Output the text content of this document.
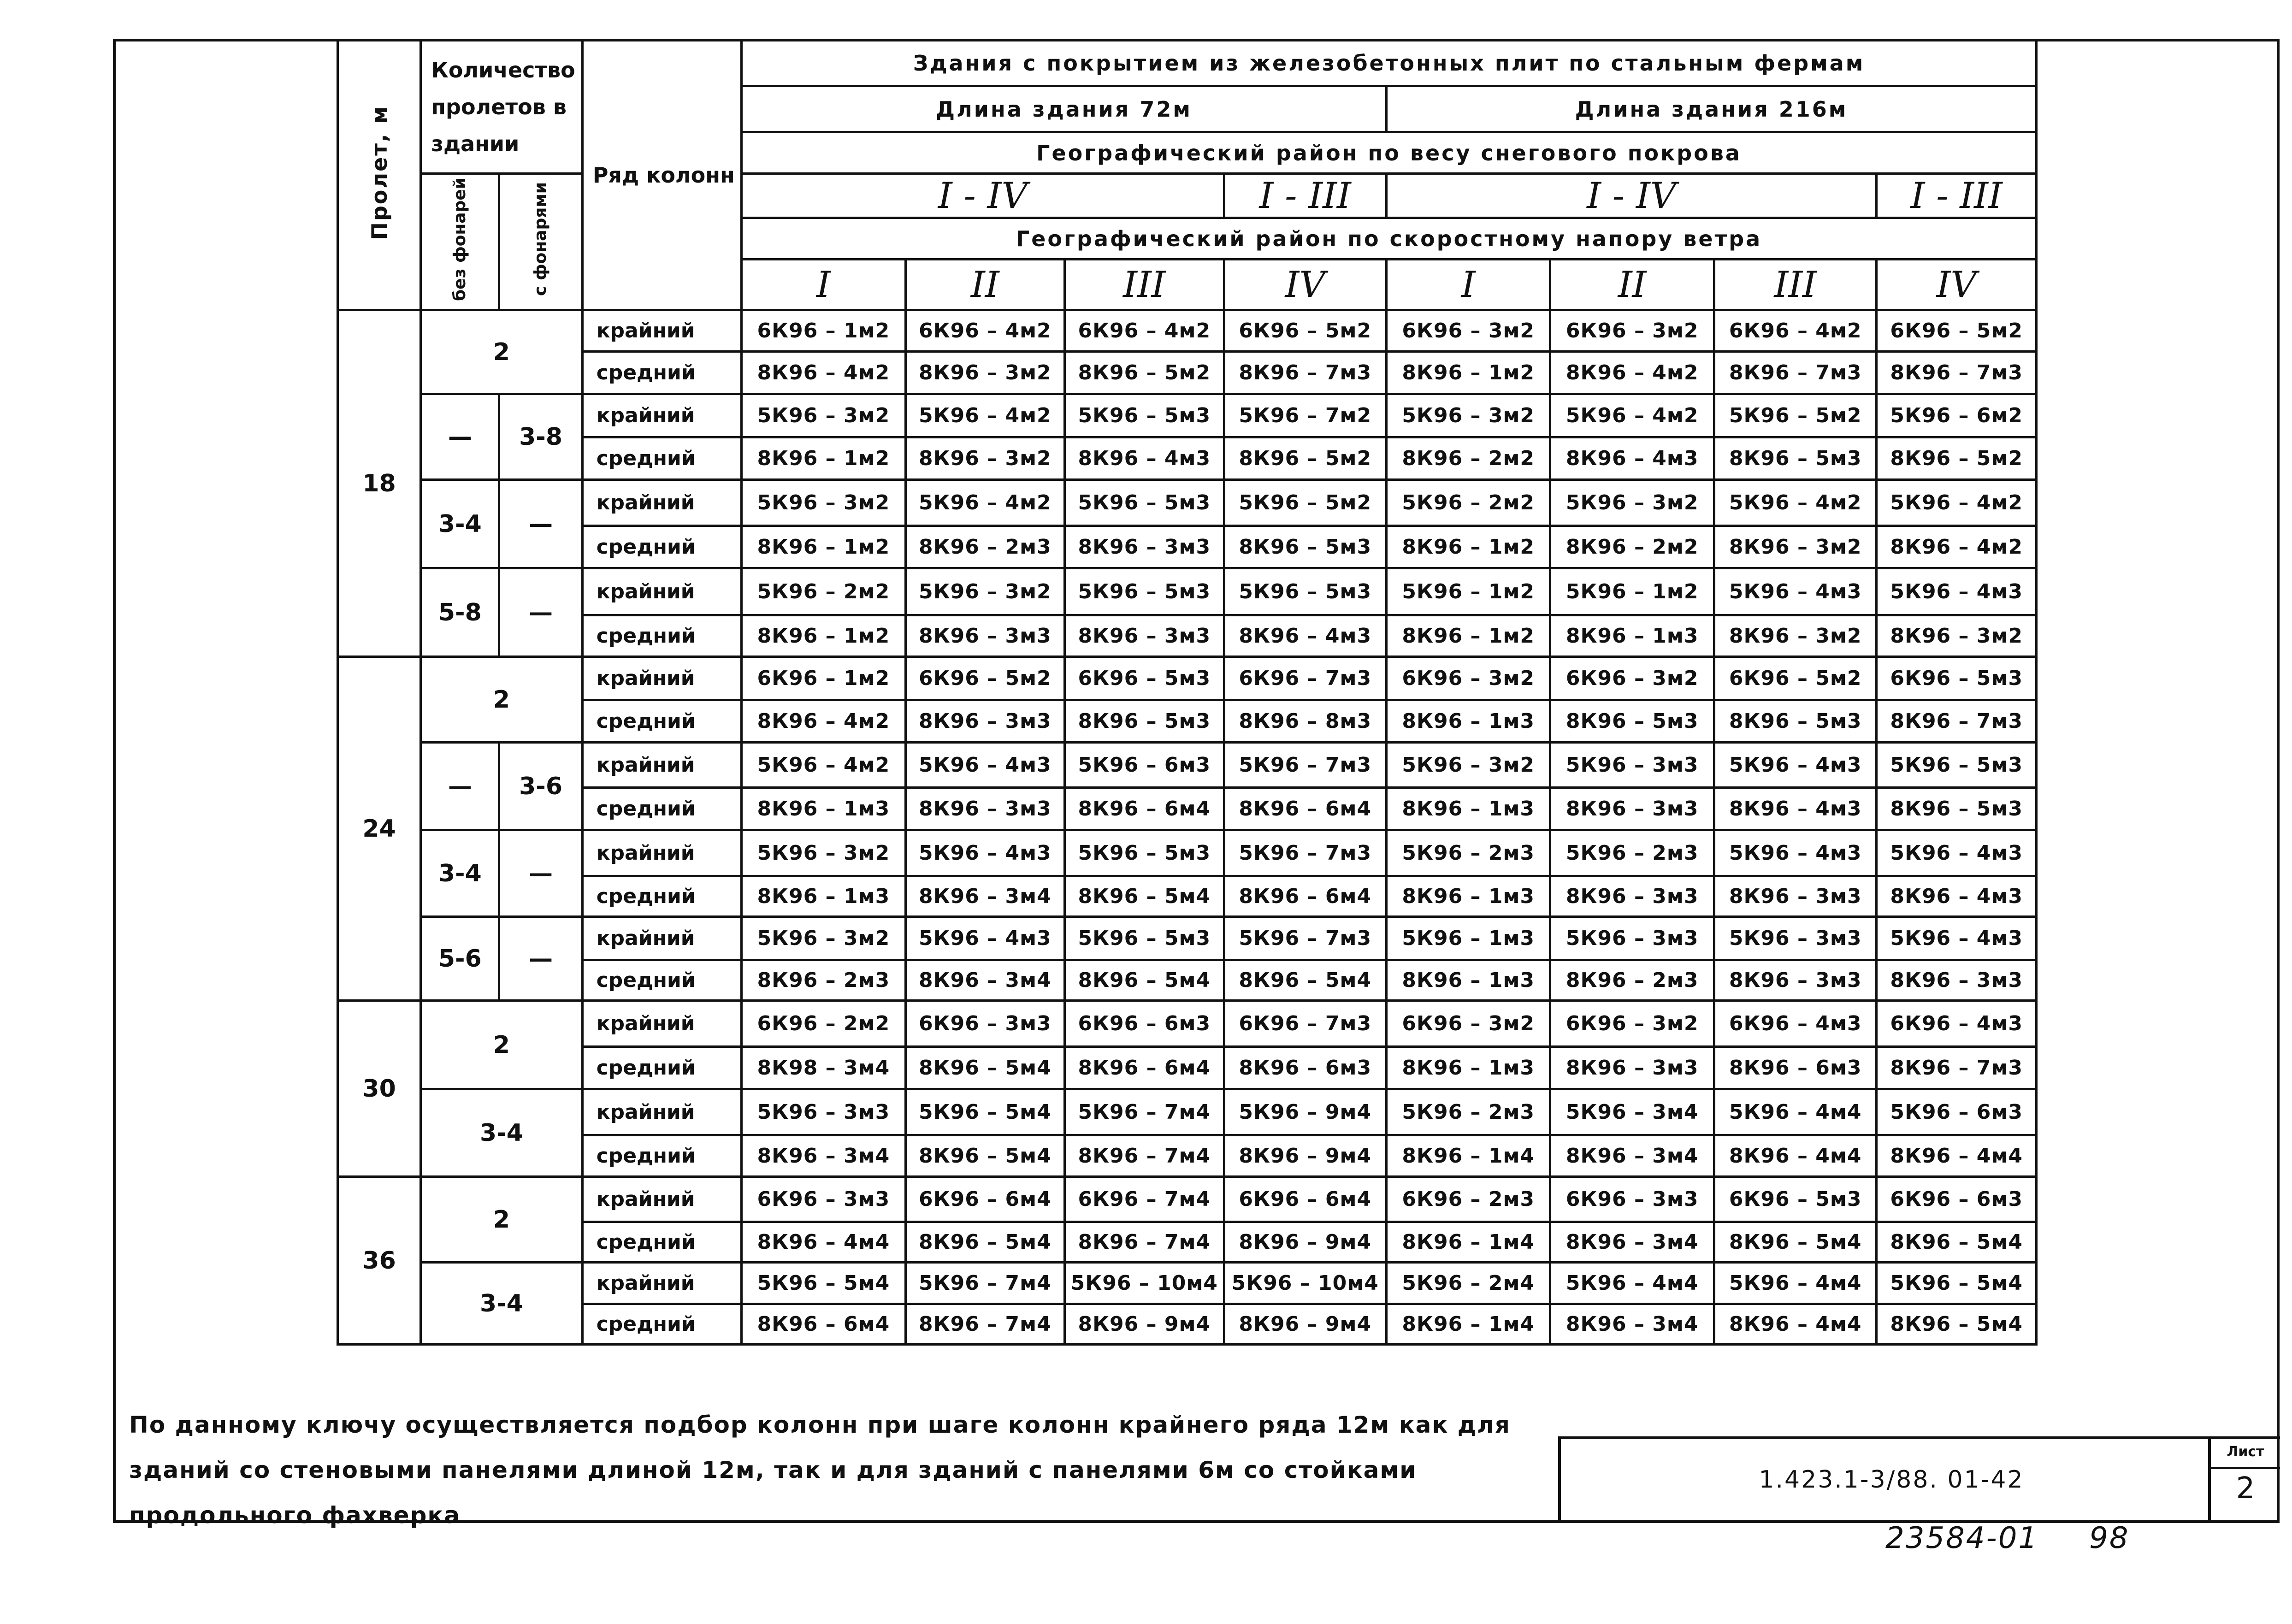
Пролет, м	Количество пролетов в здании		Ряд колонн	Здания с покрытием из железобетонных плит по стальным фермам							
				Длина здания 72м				Длина здания 216м			
				Географический район по весу снегового покрова							
	без фонарей	с фонарями		I - IV			I - III	I - IV			I - III
				Географический район по скоростному напору ветра							
				I	II	III	IV	I	II	III	IV
18	2		крайний	6К96 – 1м2	6К96 – 4м2	6К96 – 4м2	6К96 – 5м2	6К96 – 3м2	6К96 – 3м2	6К96 – 4м2	6К96 – 5м2
			средний	8К96 – 4м2	8К96 – 3м2	8К96 – 5м2	8К96 – 7м3	8К96 – 1м2	8К96 – 4м2	8К96 – 7м3	8К96 – 7м3
	—	3-8	крайний	5К96 – 3м2	5К96 – 4м2	5К96 – 5м3	5К96 – 7м2	5К96 – 3м2	5К96 – 4м2	5К96 – 5м2	5К96 – 6м2
			средний	8К96 – 1м2	8К96 – 3м2	8К96 – 4м3	8К96 – 5м2	8К96 – 2м2	8К96 – 4м3	8К96 – 5м3	8К96 – 5м2
	3-4	—	крайний	5К96 – 3м2	5К96 – 4м2	5К96 – 5м3	5К96 – 5м2	5К96 – 2м2	5К96 – 3м2	5К96 – 4м2	5К96 – 4м2
			средний	8К96 – 1м2	8К96 – 2м3	8К96 – 3м3	8К96 – 5м3	8К96 – 1м2	8К96 – 2м2	8К96 – 3м2	8К96 – 4м2
	5-8	—	крайний	5К96 – 2м2	5К96 – 3м2	5К96 – 5м3	5К96 – 5м3	5К96 – 1м2	5К96 – 1м2	5К96 – 4м3	5К96 – 4м3
			средний	8К96 – 1м2	8К96 – 3м3	8К96 – 3м3	8К96 – 4м3	8К96 – 1м2	8К96 – 1м3	8К96 – 3м2	8К96 – 3м2
24	2		крайний	6К96 – 1м2	6К96 – 5м2	6К96 – 5м3	6К96 – 7м3	6К96 – 3м2	6К96 – 3м2	6К96 – 5м2	6К96 – 5м3
			средний	8К96 – 4м2	8К96 – 3м3	8К96 – 5м3	8К96 – 8м3	8К96 – 1м3	8К96 – 5м3	8К96 – 5м3	8К96 – 7м3
	—	3-6	крайний	5К96 – 4м2	5К96 – 4м3	5К96 – 6м3	5К96 – 7м3	5К96 – 3м2	5К96 – 3м3	5К96 – 4м3	5К96 – 5м3
			средний	8К96 – 1м3	8К96 – 3м3	8К96 – 6м4	8К96 – 6м4	8К96 – 1м3	8К96 – 3м3	8К96 – 4м3	8К96 – 5м3
	3-4	—	крайний	5К96 – 3м2	5К96 – 4м3	5К96 – 5м3	5К96 – 7м3	5К96 – 2м3	5К96 – 2м3	5К96 – 4м3	5К96 – 4м3
			средний	8К96 – 1м3	8К96 – 3м4	8К96 – 5м4	8К96 – 6м4	8К96 – 1м3	8К96 – 3м3	8К96 – 3м3	8К96 – 4м3
	5-6	—	крайний	5К96 – 3м2	5К96 – 4м3	5К96 – 5м3	5К96 – 7м3	5К96 – 1м3	5К96 – 3м3	5К96 – 3м3	5К96 – 4м3
			средний	8К96 – 2м3	8К96 – 3м4	8К96 – 5м4	8К96 – 5м4	8К96 – 1м3	8К96 – 2м3	8К96 – 3м3	8К96 – 3м3
30	2		крайний	6К96 – 2м2	6К96 – 3м3	6К96 – 6м3	6К96 – 7м3	6К96 – 3м2	6К96 – 3м2	6К96 – 4м3	6К96 – 4м3
			средний	8К98 – 3м4	8К96 – 5м4	8К96 – 6м4	8К96 – 6м3	8К96 – 1м3	8К96 – 3м3	8К96 – 6м3	8К96 – 7м3
	3-4		крайний	5К96 – 3м3	5К96 – 5м4	5К96 – 7м4	5К96 – 9м4	5К96 – 2м3	5К96 – 3м4	5К96 – 4м4	5К96 – 6м3
			средний	8К96 – 3м4	8К96 – 5м4	8К96 – 7м4	8К96 – 9м4	8К96 – 1м4	8К96 – 3м4	8К96 – 4м4	8К96 – 4м4
36	2		крайний	6К96 – 3м3	6К96 – 6м4	6К96 – 7м4	6К96 – 6м4	6К96 – 2м3	6К96 – 3м3	6К96 – 5м3	6К96 – 6м3
			средний	8К96 – 4м4	8К96 – 5м4	8К96 – 7м4	8К96 – 9м4	8К96 – 1м4	8К96 – 3м4	8К96 – 5м4	8К96 – 5м4
	3-4		крайний	5К96 – 5м4	5К96 – 7м4	5К96 – 10м4	5К96 – 10м4	5К96 – 2м4	5К96 – 4м4	5К96 – 4м4	5К96 – 5м4
			средний	8К96 – 6м4	8К96 – 7м4	8К96 – 9м4	8К96 – 9м4	8К96 – 1м4	8К96 – 3м4	8К96 – 4м4	8К96 – 5м4
По данному ключу осуществляется подбор колонн при шаге колонн крайнего ряда 12м как для зданий со стеновыми панелями длиной 12м, так и для зданий с панелями 6м со стойками продольного фахверка
1.423.1-3/88. 01-42
Лист
2
23584-01 98
